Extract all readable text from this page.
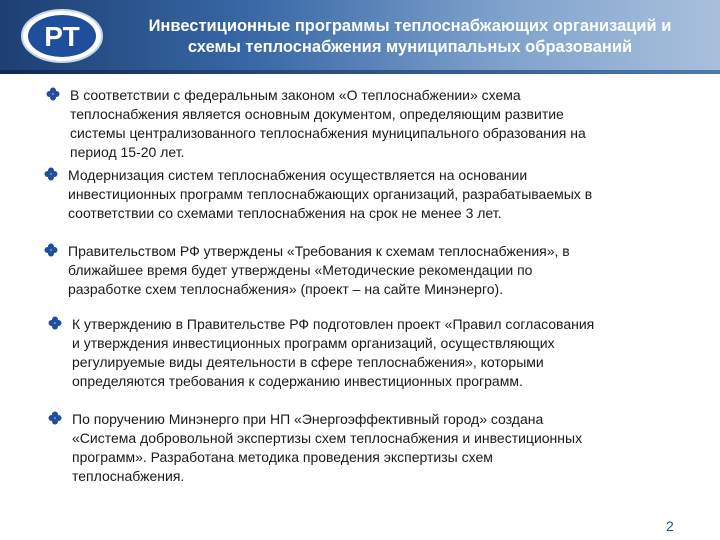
РТ	Инвестиционные программы теплоснабжающих организаций и
схемы теплоснабжения муниципальных образований
В соответствии с федеральным законом «О теплоснабжении» схема
теплоснабжения является основным документом, определяющим развитие
системы централизованного теплоснабжения муниципального образования на
период 15-20 лет.
Модернизация систем теплоснабжения осуществляется на основании
инвестиционных программ теплоснабжающих организаций, разрабатываемых в
соответствии со схемами теплоснабжения на срок не менее 3 лет.
Правительством РФ утверждены «Требования к схемам теплоснабжения», в
ближайшее время будет утверждены «Методические рекомендации по
разработке схем теплоснабжения» (проект – на сайте Минэнерго).
К утверждению в Правительстве РФ подготовлен проект «Правил согласования
и утверждения инвестиционных программ организаций, осуществляющих
регулируемые виды деятельности в сфере теплоснабжения», которыми
определяются требования к содержанию инвестиционных программ.
По поручению Минэнерго при НП «Энергоэффективный город» создана
«Система добровольной экспертизы схем теплоснабжения и инвестиционных
программ». Разработана методика проведения экспертизы схем
теплоснабжения.
2
